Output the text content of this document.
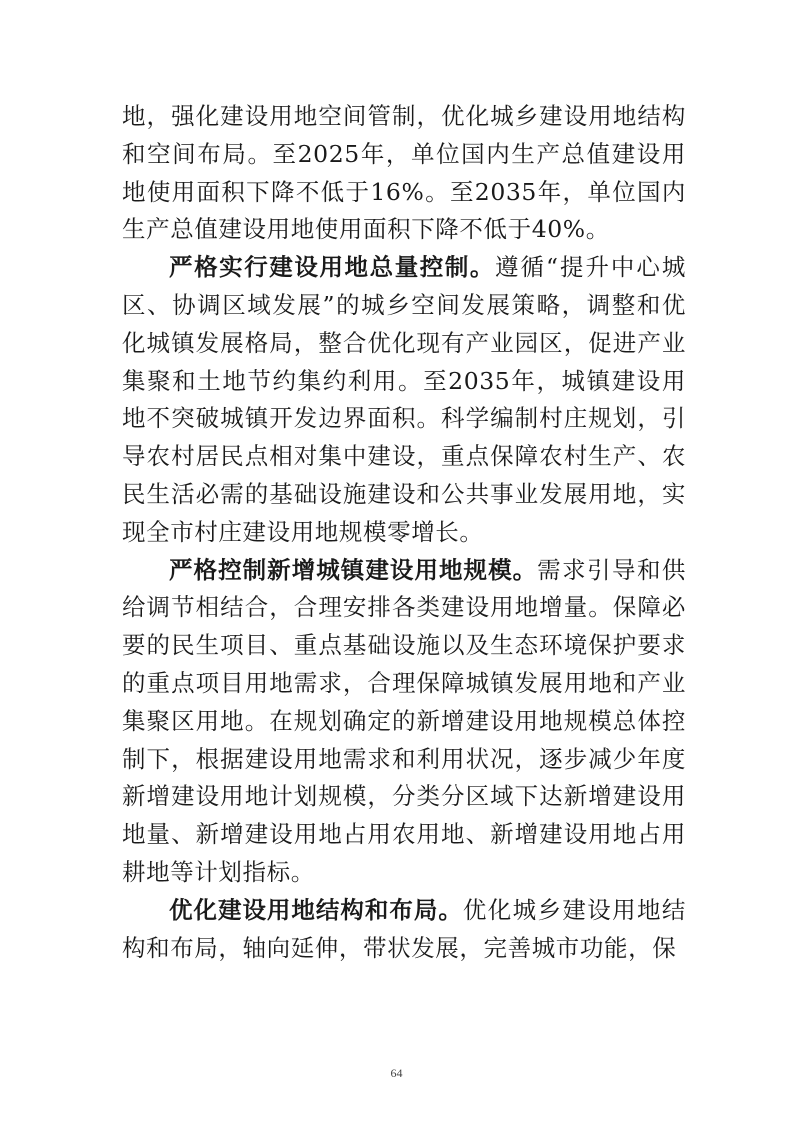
地，强化建设用地空间管制，优化城乡建设用地结构和空间布局。至2025年，单位国内生产总值建设用地使用面积下降不低于16%。至2035年，单位国内生产总值建设用地使用面积下降不低于40%。

严格实行建设用地总量控制。遵循“提升中心城区、协调区域发展”的城乡空间发展策略，调整和优化城镇发展格局，整合优化现有产业园区，促进产业集聚和土地节约集约利用。至2035年，城镇建设用地不突破城镇开发边界面积。科学编制村庄规划，引导农村居民点相对集中建设，重点保障农村生产、农民生活必需的基础设施建设和公共事业发展用地，实现全市村庄建设用地规模零增长。

严格控制新增城镇建设用地规模。需求引导和供给调节相结合，合理安排各类建设用地增量。保障必要的民生项目、重点基础设施以及生态环境保护要求的重点项目用地需求，合理保障城镇发展用地和产业集聚区用地。在规划确定的新增建设用地规模总体控制下，根据建设用地需求和利用状况，逐步减少年度新增建设用地计划规模，分类分区域下达新增建设用地量、新增建设用地占用农用地、新增建设用地占用耕地等计划指标。

优化建设用地结构和布局。优化城乡建设用地结构和布局，轴向延伸，带状发展，完善城市功能，保

64
